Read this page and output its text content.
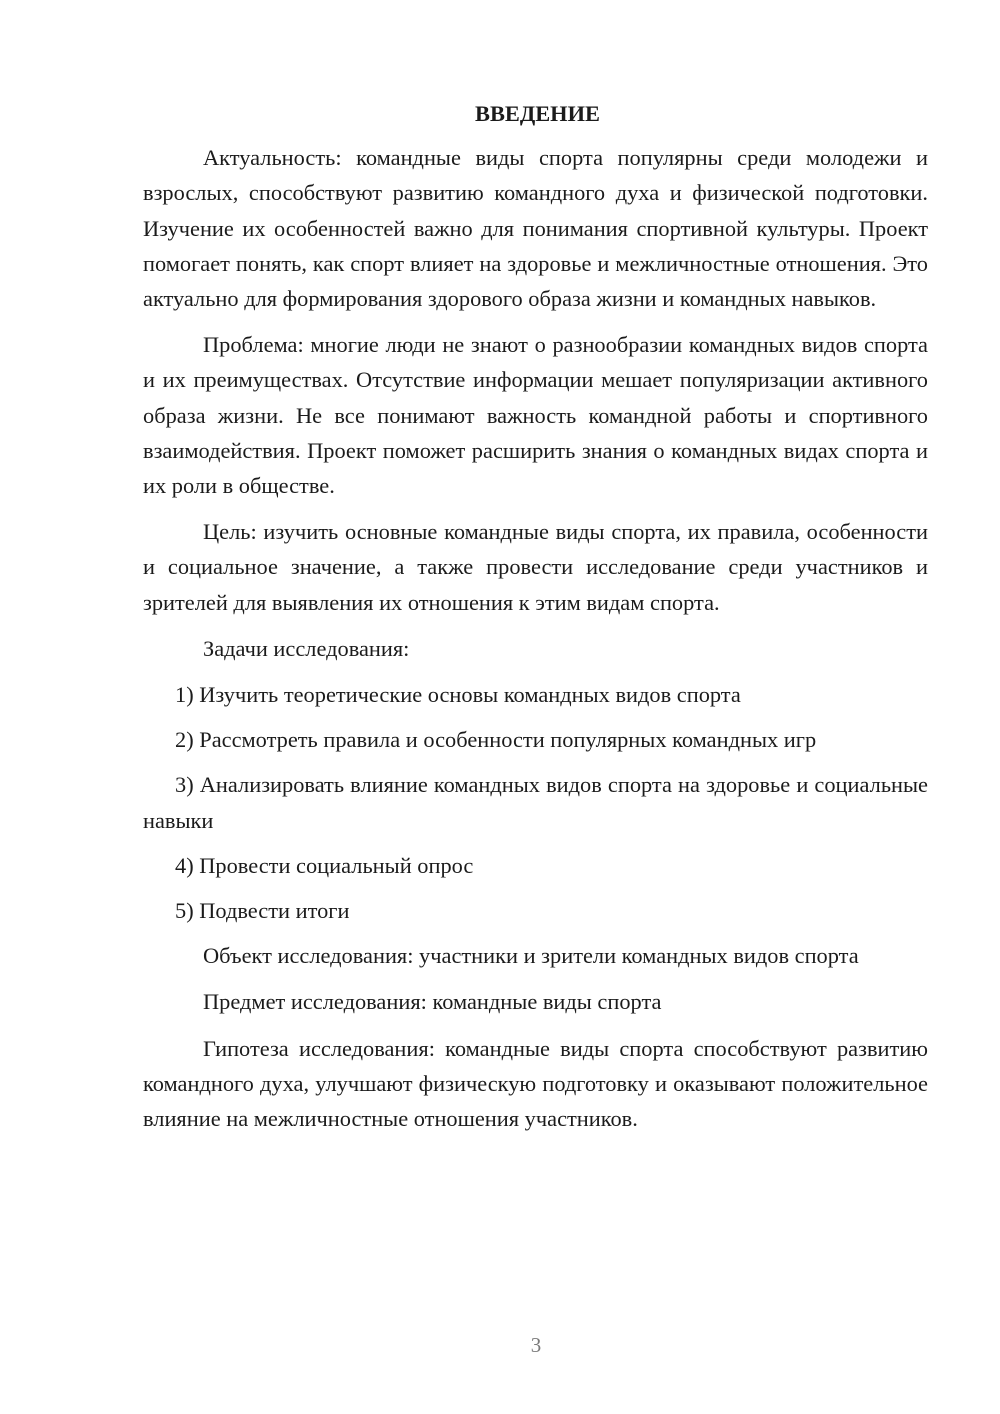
ВВЕДЕНИЕ

Актуальность: командные виды спорта популярны среди молодежи и взрослых, способствуют развитию командного духа и физической подготовки. Изучение их особенностей важно для понимания спортивной культуры. Проект помогает понять, как спорт влияет на здоровье и межличностные отношения. Это актуально для формирования здорового образа жизни и командных навыков.

Проблема: многие люди не знают о разнообразии командных видов спорта и их преимуществах. Отсутствие информации мешает популяризации активного образа жизни. Не все понимают важность командной работы и спортивного взаимодействия. Проект поможет расширить знания о командных видах спорта и их роли в обществе.

Цель: изучить основные командные виды спорта, их правила, особенности и социальное значение, а также провести исследование среди участников и зрителей для выявления их отношения к этим видам спорта.

Задачи исследования:

1) Изучить теоретические основы командных видов спорта

2) Рассмотреть правила и особенности популярных командных игр

3) Анализировать влияние командных видов спорта на здоровье и социальные навыки

4) Провести социальный опрос

5) Подвести итоги

Объект исследования: участники и зрители командных видов спорта

Предмет исследования: командные виды спорта

Гипотеза исследования: командные виды спорта способствуют развитию командного духа, улучшают физическую подготовку и оказывают положительное влияние на межличностные отношения участников.

3
